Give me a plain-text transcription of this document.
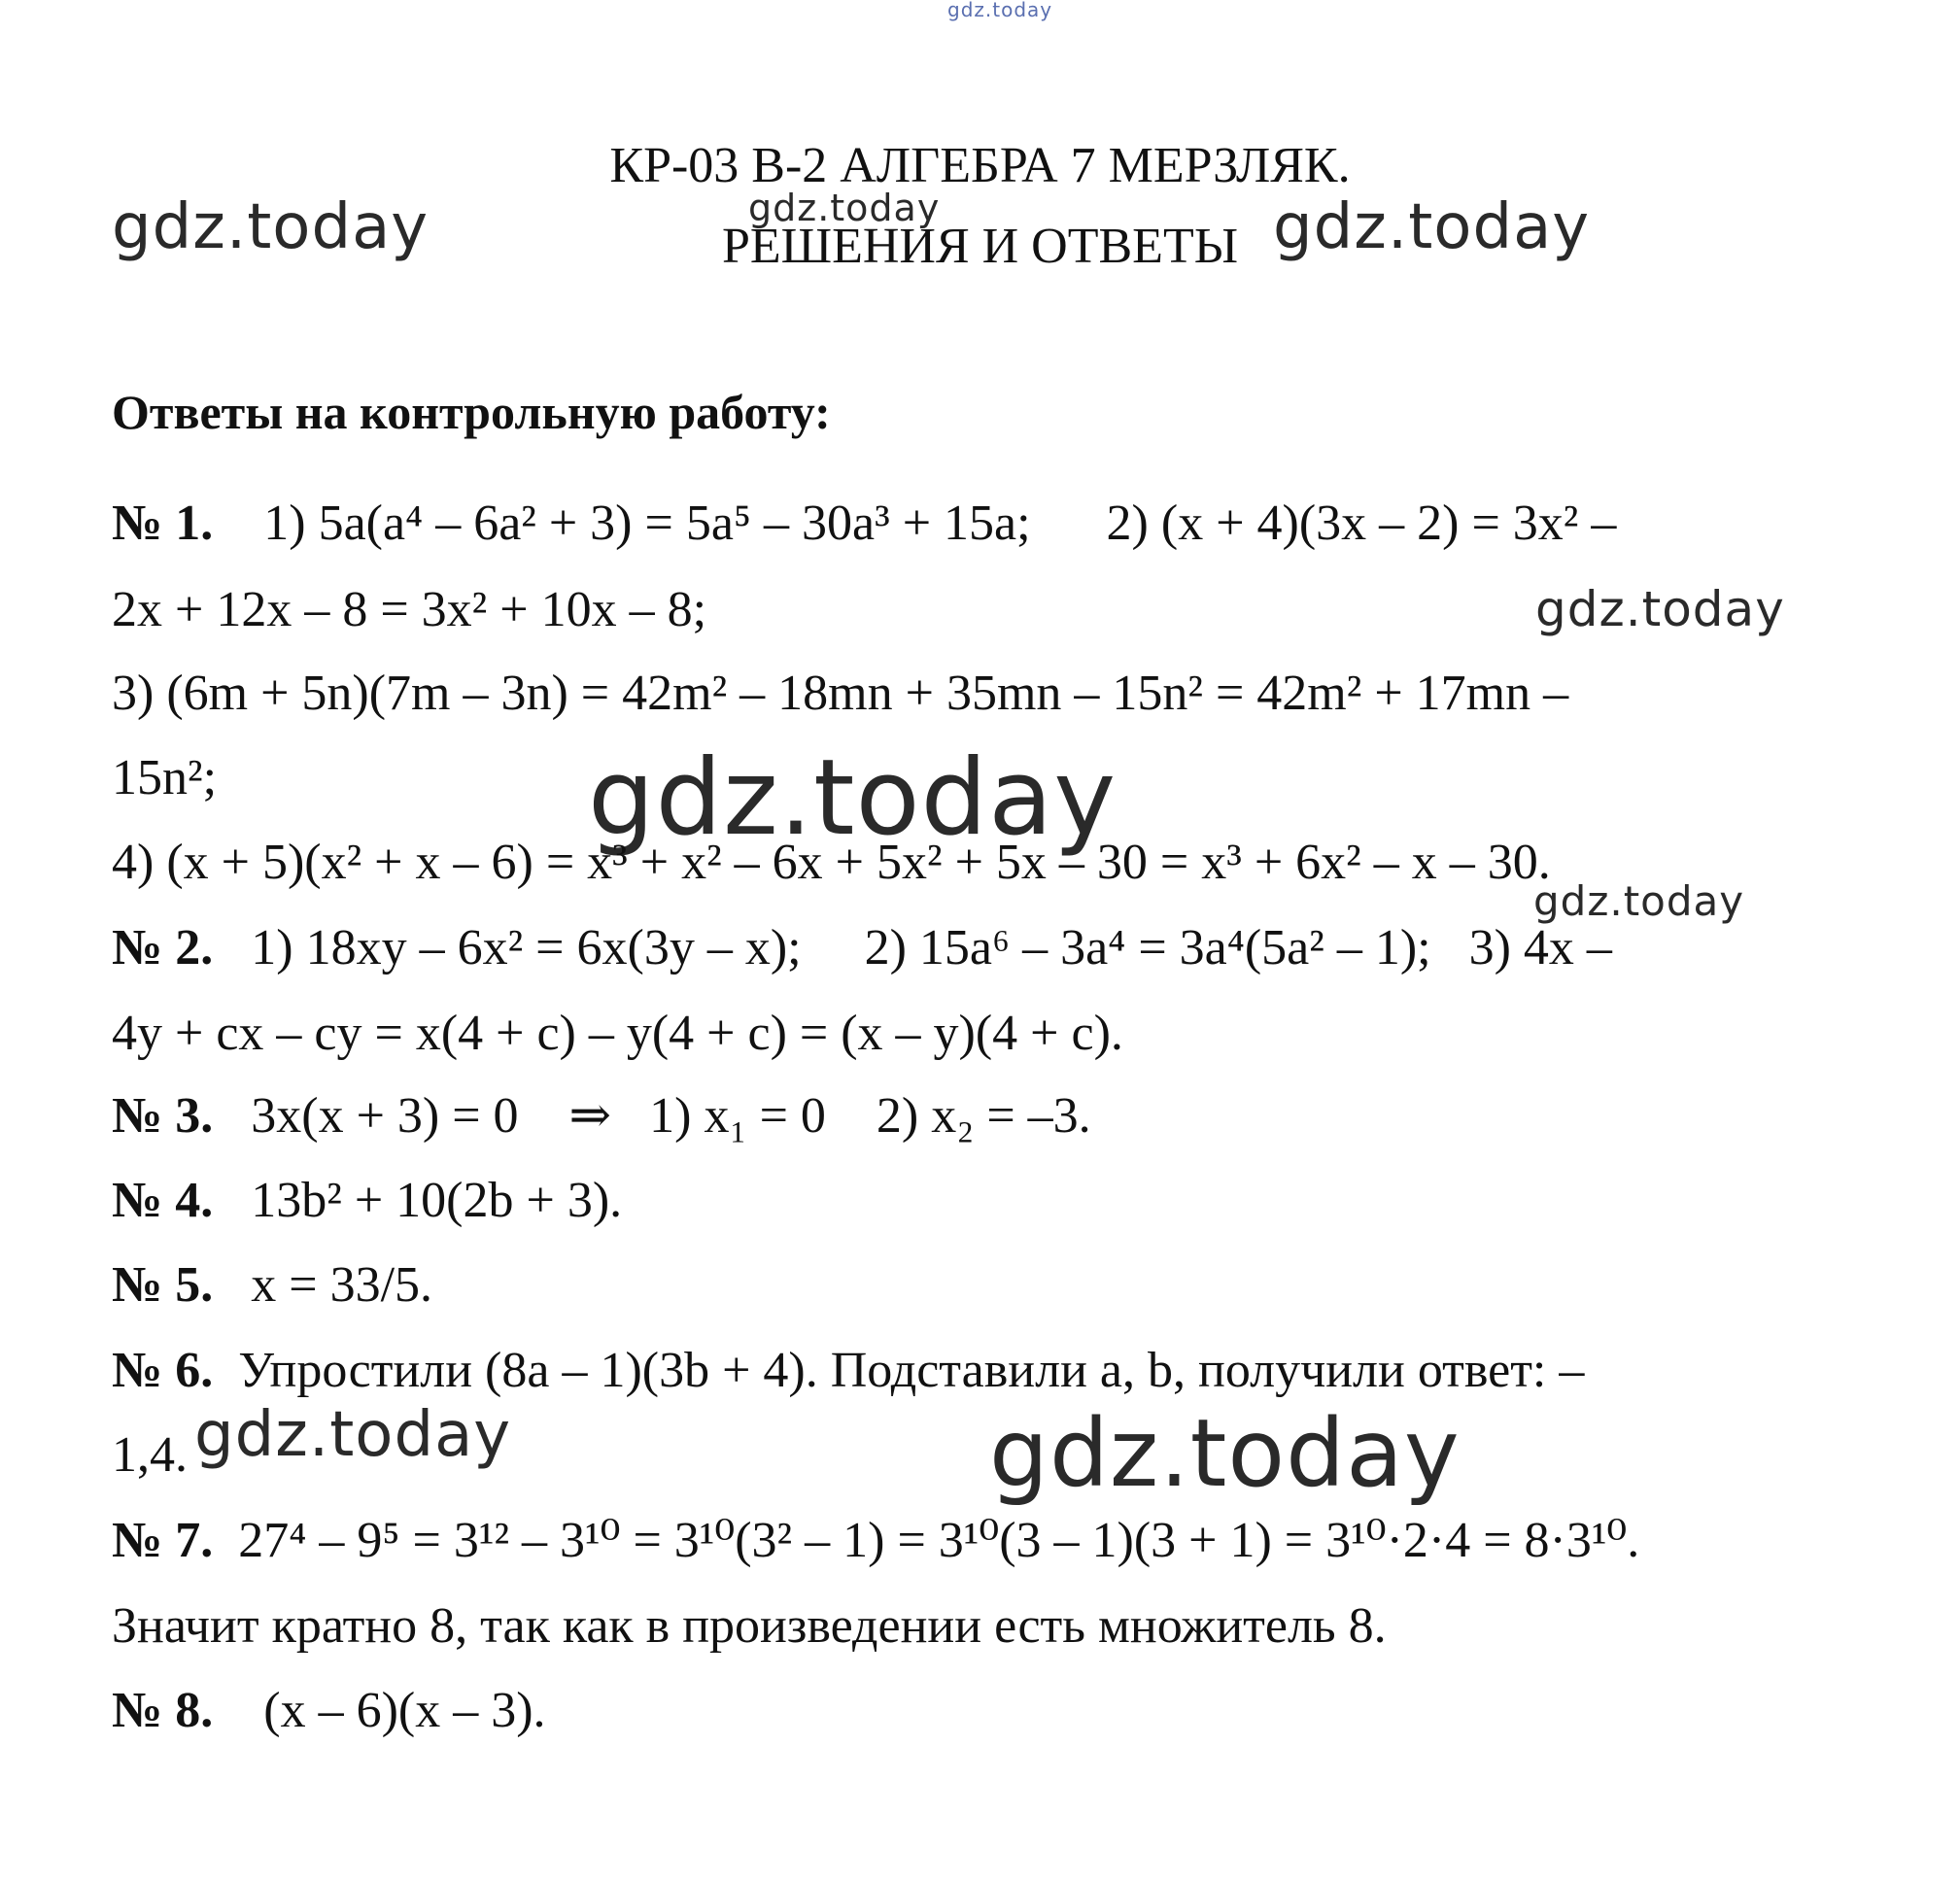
gdz.today
gdz.today	gdz.today	gdz.today
gdz.today
gdz.today
gdz.today
gdz.today	gdz.today
КР-03 В-2 АЛГЕБРА 7 МЕРЗЛЯК.
РЕШЕНИЯ И ОТВЕТЫ
Ответы на контрольную работу:
№ 1.    1) 5a(a⁴ – 6a² + 3) = 5a⁵ – 30a³ + 15a;      2) (x + 4)(3x – 2) = 3x² –
2x + 12x – 8 = 3x² + 10x – 8;
3) (6m + 5n)(7m – 3n) = 42m² – 18mn + 35mn – 15n² = 42m² + 17mn –
15n²;
4) (x + 5)(x² + x – 6) = x³ + x² – 6x + 5x² + 5x – 30 = x³ + 6x² – x – 30.
№ 2.   1) 18xy – 6x² = 6x(3y – x);     2) 15a⁶ – 3a⁴ = 3a⁴(5a² – 1);   3) 4x –
4y + cx – cy = x(4 + c) – y(4 + c) = (x – y)(4 + c).
№ 3.   3x(x + 3) = 0    ⇒   1) x₁ = 0    2) x₂ = –3.
№ 4.   13b² + 10(2b + 3).
№ 5.   x = 33/5.
№ 6.  Упростили (8a – 1)(3b + 4). Подставили a, b, получили ответ: –
1,4.
№ 7.  27⁴ – 9⁵ = 3¹² – 3¹⁰ = 3¹⁰(3² – 1) = 3¹⁰(3 – 1)(3 + 1) = 3¹⁰·2·4 = 8·3¹⁰.
Значит кратно 8, так как в произведении есть множитель 8.
№ 8.    (x – 6)(x – 3).
